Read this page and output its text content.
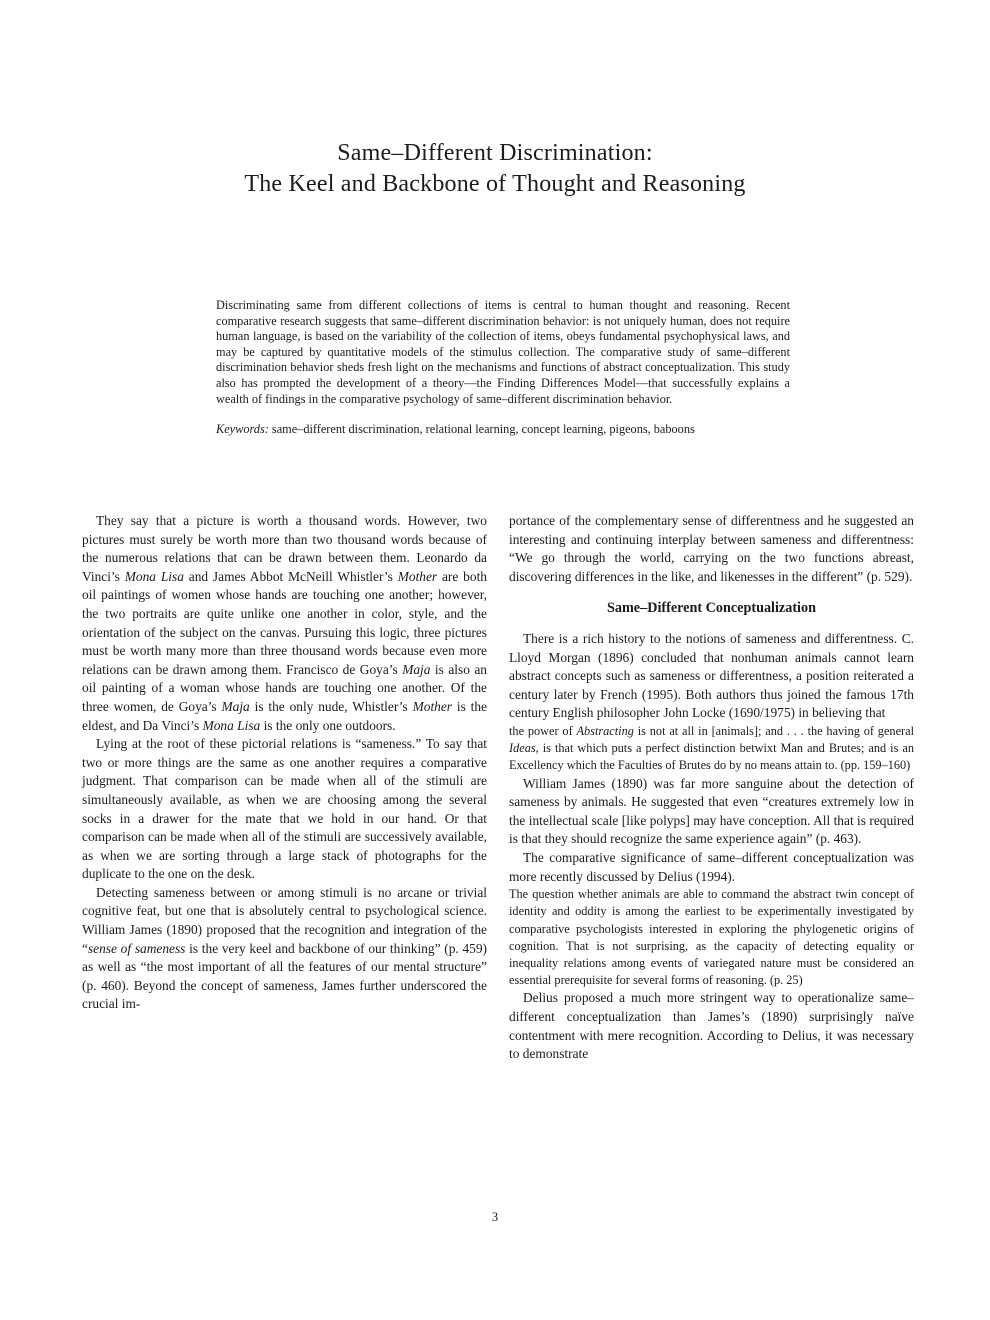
Same–Different Discrimination:
The Keel and Backbone of Thought and Reasoning

Discriminating same from different collections of items is central to human thought and reasoning. Recent comparative research suggests that same–different discrimination behavior: is not uniquely human, does not require human language, is based on the variability of the collection of items, obeys fundamental psychophysical laws, and may be captured by quantitative models of the stimulus collection. The comparative study of same–different discrimination behavior sheds fresh light on the mechanisms and functions of abstract conceptualization. This study also has prompted the development of a theory—the Finding Differences Model—that successfully explains a wealth of findings in the comparative psychology of same–different discrimination behavior.

Keywords: same–different discrimination, relational learning, concept learning, pigeons, baboons

They say that a picture is worth a thousand words. However, two pictures must surely be worth more than two thousand words because of the numerous relations that can be drawn between them. Leonardo da Vinci’s Mona Lisa and James Abbot McNeill Whistler’s Mother are both oil paintings of women whose hands are touching one another; however, the two portraits are quite unlike one another in color, style, and the orientation of the subject on the canvas. Pursuing this logic, three pictures must be worth many more than three thousand words because even more relations can be drawn among them. Francisco de Goya’s Maja is also an oil painting of a woman whose hands are touching one another. Of the three women, de Goya’s Maja is the only nude, Whistler’s Mother is the eldest, and Da Vinci’s Mona Lisa is the only one outdoors.

Lying at the root of these pictorial relations is “sameness.” To say that two or more things are the same as one another requires a comparative judgment. That comparison can be made when all of the stimuli are simultaneously available, as when we are choosing among the several socks in a drawer for the mate that we hold in our hand. Or that comparison can be made when all of the stimuli are successively available, as when we are sorting through a large stack of photographs for the duplicate to the one on the desk.

Detecting sameness between or among stimuli is no arcane or trivial cognitive feat, but one that is absolutely central to psychological science. William James (1890) proposed that the recognition and integration of the “sense of sameness is the very keel and backbone of our thinking” (p. 459) as well as “the most important of all the features of our mental structure” (p. 460). Beyond the concept of sameness, James further underscored the crucial im-

portance of the complementary sense of differentness and he suggested an interesting and continuing interplay between sameness and differentness: “We go through the world, carrying on the two functions abreast, discovering differences in the like, and likenesses in the different” (p. 529).

Same–Different Conceptualization

There is a rich history to the notions of sameness and differentness. C. Lloyd Morgan (1896) concluded that nonhuman animals cannot learn abstract concepts such as sameness or differentness, a position reiterated a century later by French (1995). Both authors thus joined the famous 17th century English philosopher John Locke (1690/1975) in believing that

the power of Abstracting is not at all in [animals]; and . . . the having of general Ideas, is that which puts a perfect distinction betwixt Man and Brutes; and is an Excellency which the Faculties of Brutes do by no means attain to. (pp. 159–160)

William James (1890) was far more sanguine about the detection of sameness by animals. He suggested that even “creatures extremely low in the intellectual scale [like polyps] may have conception. All that is required is that they should recognize the same experience again” (p. 463).

The comparative significance of same–different conceptualization was more recently discussed by Delius (1994).

The question whether animals are able to command the abstract twin concept of identity and oddity is among the earliest to be experimentally investigated by comparative psychologists interested in exploring the phylogenetic origins of cognition. That is not surprising, as the capacity of detecting equality or inequality relations among events of variegated nature must be considered an essential prerequisite for several forms of reasoning. (p. 25)

Delius proposed a much more stringent way to operationalize same–different conceptualization than James’s (1890) surprisingly naïve contentment with mere recognition. According to Delius, it was necessary to demonstrate

3
